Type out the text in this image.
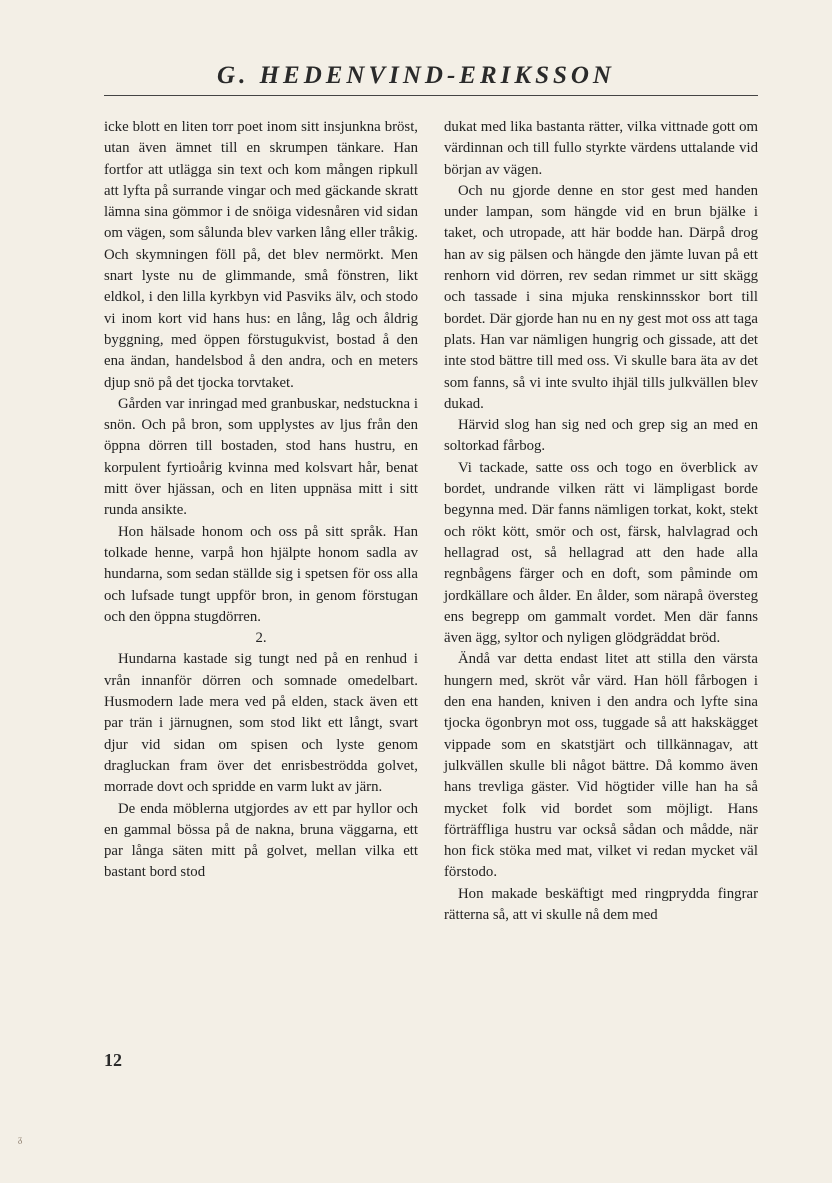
G. HEDENVIND-ERIKSSON

icke blott en liten torr poet inom sitt insjunkna bröst, utan även ämnet till en skrumpen tänkare. Han fortfor att utlägga sin text och kom mången ripkull att lyfta på surrande vingar och med gäckande skratt lämna sina gömmor i de snöiga videsnåren vid sidan om vägen, som sålunda blev varken lång eller tråkig. Och skymningen föll på, det blev nermörkt. Men snart lyste nu de glimmande, små fönstren, likt eldkol, i den lilla kyrkbyn vid Pasviks älv, och stodo vi inom kort vid hans hus: en lång, låg och åldrig byggning, med öppen förstugukvist, bostad å den ena ändan, handelsbod å den andra, och en meters djup snö på det tjocka torvtaket.

Gården var inringad med granbuskar, nedstuckna i snön. Och på bron, som upplystes av ljus från den öppna dörren till bostaden, stod hans hustru, en korpulent fyrtioårig kvinna med kolsvart hår, benat mitt över hjässan, och en liten uppnäsa mitt i sitt runda ansikte.

Hon hälsade honom och oss på sitt språk. Han tolkade henne, varpå hon hjälpte honom sadla av hundarna, som sedan ställde sig i spetsen för oss alla och lufsade tungt uppför bron, in genom förstugan och den öppna stugdörren.

2.

Hundarna kastade sig tungt ned på en renhud i vrån innanför dörren och somnade omedelbart. Husmodern lade mera ved på elden, stack även ett par trän i järnugnen, som stod likt ett långt, svart djur vid sidan om spisen och lyste genom dragluckan fram över det enrisbeströdda golvet, morrade dovt och spridde en varm lukt av järn.

De enda möblerna utgjordes av ett par hyllor och en gammal bössa på de nakna, bruna väggarna, ett par långa säten mitt på golvet, mellan vilka ett bastant bord stod

dukat med lika bastanta rätter, vilka vittnade gott om värdinnan och till fullo styrkte värdens uttalande vid början av vägen.

Och nu gjorde denne en stor gest med handen under lampan, som hängde vid en brun bjälke i taket, och utropade, att här bodde han. Därpå drog han av sig pälsen och hängde den jämte luvan på ett renhorn vid dörren, rev sedan rimmet ur sitt skägg och tassade i sina mjuka renskinnsskor bort till bordet. Där gjorde han nu en ny gest mot oss att taga plats. Han var nämligen hungrig och gissade, att det inte stod bättre till med oss. Vi skulle bara äta av det som fanns, så vi inte svulto ihjäl tills julkvällen blev dukad.

Härvid slog han sig ned och grep sig an med en soltorkad fårbog.

Vi tackade, satte oss och togo en överblick av bordet, undrande vilken rätt vi lämpligast borde begynna med. Där fanns nämligen torkat, kokt, stekt och rökt kött, smör och ost, färsk, halvlagrad och hellagrad ost, så hellagrad att den hade alla regnbågens färger och en doft, som påminde om jordkällare och ålder. En ålder, som närapå översteg ens begrepp om gammalt vordet. Men där fanns även ägg, syltor och nyligen glödgräddat bröd.

Ändå var detta endast litet att stilla den värsta hungern med, skröt vår värd. Han höll fårbogen i den ena handen, kniven i den andra och lyfte sina tjocka ögonbryn mot oss, tuggade så att hakskägget vippade som en skatstjärt och tillkännagav, att julkvällen skulle bli något bättre. Då kommo även hans trevliga gäster. Vid högtider ville han ha så mycket folk vid bordet som möjligt. Hans förträffliga hustru var också sådan och mådde, när hon fick stöka med mat, vilket vi redan mycket väl förstodo.

Hon makade beskäftigt med ringprydda fingrar rätterna så, att vi skulle nå dem med

12
ᵹ
